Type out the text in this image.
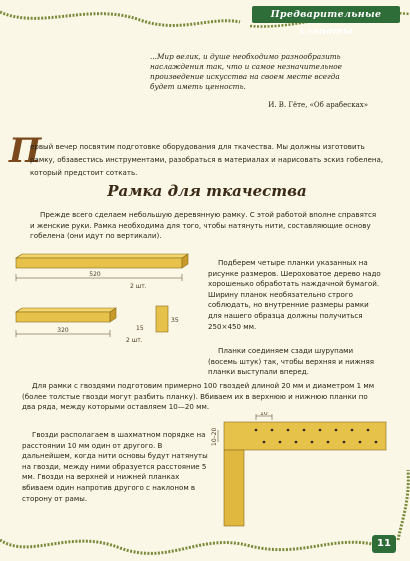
Предварительные хлопоты
...Мир велик, и душе необходимо разнообразить
наслаждения так, что и самое незначительное
произведение искусства на своем месте всегда
будет иметь ценность.
И. В. Гёте, «Об арабесках»
П
ервый вечер посвятим подготовке оборудования для ткачества. Мы должны изготовить рамку, обзавестись инструментами, разобраться в материалах и нарисовать эскиз гобелена, который предстоит соткать.
Рамка для ткачества
Прежде всего сделаем небольшую деревянную рамку. С этой работой вполне справятся и женские руки. Рамка необходима для того, чтобы натянуть нити, составляющие основу гобелена (они идут по вертикали).
520
2 шт.
320
2 шт.
35
15
Подберем четыре планки указанных на рисунке размеров. Шероховатое дерево надо хорошенько обработать наждачной бумагой. Ширину планок необязательно строго соблюдать, но внутренние размеры рамки для нашего образца должны получиться 250×450 мм.
Планки соединяем сзади шурупами (восемь штук) так, чтобы верхняя и нижняя планки выступали вперед.
Для рамки с гвоздями подготовим примерно 100 гвоздей длиной 20 мм и диаметром 1 мм (более толстые гвозди могут разбить планку). Вбиваем их в верхнюю и нижнюю планки по два ряда, между которыми оставляем 10—20 мм.
Гвозди располагаем в шахматном порядке на расстоянии 10 мм один от другого. В дальнейшем, когда нити основы будут натянуты на гвозди, между ними образуется расстояние 5 мм. Гвозди на верхней и нижней планках вбиваем один напротив другого с наклоном в сторону от рамы.
10
10–20
11
